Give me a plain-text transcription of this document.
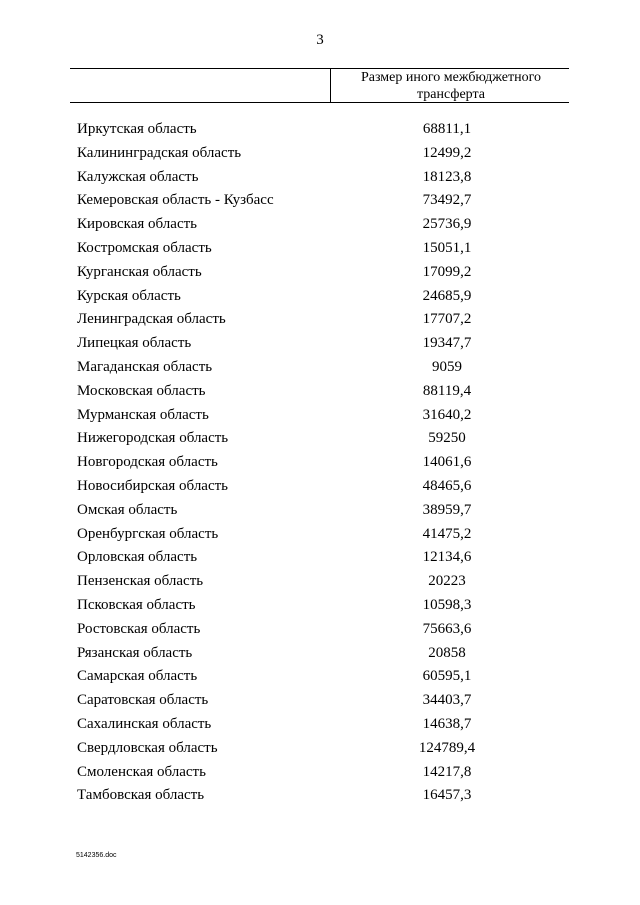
3
Размер иного межбюджетного
трансферта
Иркутская область	68811,1
Калининградская область	12499,2
Калужская область	18123,8
Кемеровская область - Кузбасс	73492,7
Кировская область	25736,9
Костромская область	15051,1
Курганская область	17099,2
Курская область	24685,9
Ленинградская область	17707,2
Липецкая область	19347,7
Магаданская область	9059
Московская область	88119,4
Мурманская область	31640,2
Нижегородская область	59250
Новгородская область	14061,6
Новосибирская область	48465,6
Омская область	38959,7
Оренбургская область	41475,2
Орловская область	12134,6
Пензенская область	20223
Псковская область	10598,3
Ростовская область	75663,6
Рязанская область	20858
Самарская область	60595,1
Саратовская область	34403,7
Сахалинская область	14638,7
Свердловская область	124789,4
Смоленская область	14217,8
Тамбовская область	16457,3
5142356.doc
